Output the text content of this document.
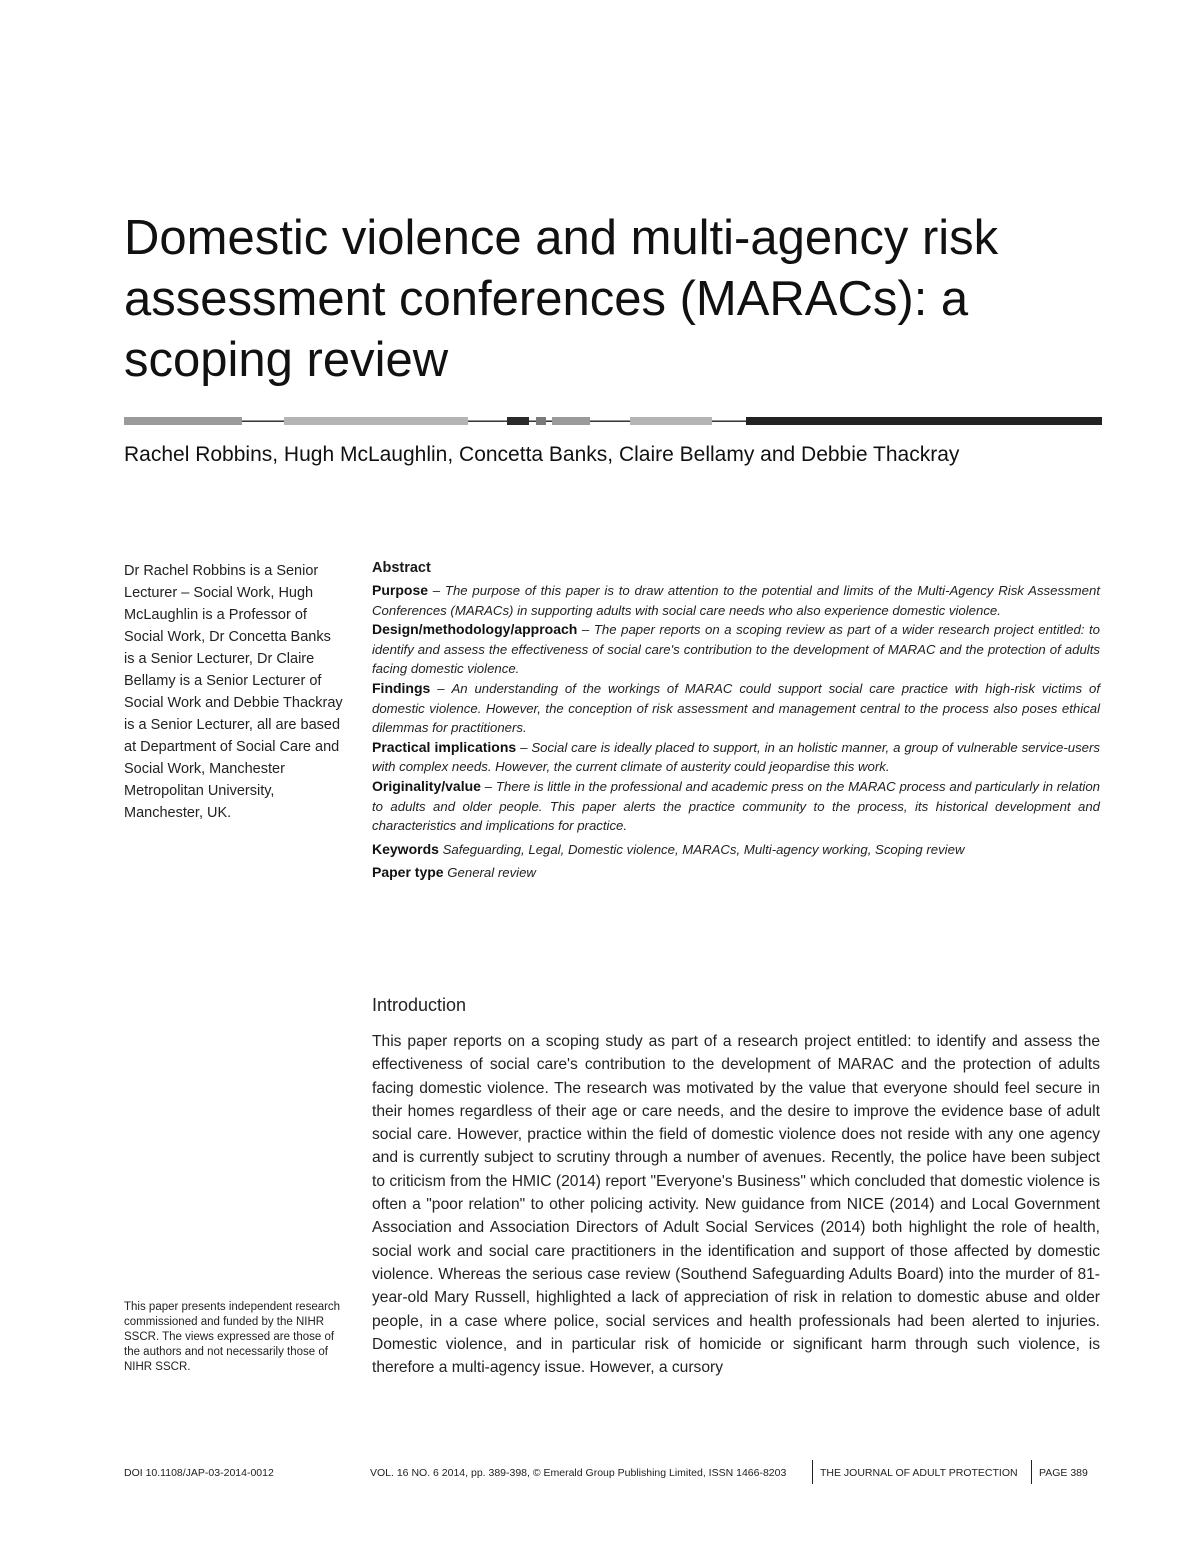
Domestic violence and multi-agency risk assessment conferences (MARACs): a scoping review

Rachel Robbins, Hugh McLaughlin, Concetta Banks, Claire Bellamy and Debbie Thackray

Dr Rachel Robbins is a Senior Lecturer – Social Work, Hugh McLaughlin is a Professor of Social Work, Dr Concetta Banks is a Senior Lecturer, Dr Claire Bellamy is a Senior Lecturer of Social Work and Debbie Thackray is a Senior Lecturer, all are based at Department of Social Care and Social Work, Manchester Metropolitan University, Manchester, UK.

Abstract

Purpose – The purpose of this paper is to draw attention to the potential and limits of the Multi-Agency Risk Assessment Conferences (MARACs) in supporting adults with social care needs who also experience domestic violence.

Design/methodology/approach – The paper reports on a scoping review as part of a wider research project entitled: to identify and assess the effectiveness of social care's contribution to the development of MARAC and the protection of adults facing domestic violence.

Findings – An understanding of the workings of MARAC could support social care practice with high-risk victims of domestic violence. However, the conception of risk assessment and management central to the process also poses ethical dilemmas for practitioners.

Practical implications – Social care is ideally placed to support, in an holistic manner, a group of vulnerable service-users with complex needs. However, the current climate of austerity could jeopardise this work.

Originality/value – There is little in the professional and academic press on the MARAC process and particularly in relation to adults and older people. This paper alerts the practice community to the process, its historical development and characteristics and implications for practice.

Keywords Safeguarding, Legal, Domestic violence, MARACs, Multi-agency working, Scoping review

Paper type General review

Introduction

This paper reports on a scoping study as part of a research project entitled: to identify and assess the effectiveness of social care's contribution to the development of MARAC and the protection of adults facing domestic violence. The research was motivated by the value that everyone should feel secure in their homes regardless of their age or care needs, and the desire to improve the evidence base of adult social care. However, practice within the field of domestic violence does not reside with any one agency and is currently subject to scrutiny through a number of avenues. Recently, the police have been subject to criticism from the HMIC (2014) report "Everyone's Business" which concluded that domestic violence is often a "poor relation" to other policing activity. New guidance from NICE (2014) and Local Government Association and Association Directors of Adult Social Services (2014) both highlight the role of health, social work and social care practitioners in the identification and support of those affected by domestic violence. Whereas the serious case review (Southend Safeguarding Adults Board) into the murder of 81-year-old Mary Russell, highlighted a lack of appreciation of risk in relation to domestic abuse and older people, in a case where police, social services and health professionals had been alerted to injuries. Domestic violence, and in particular risk of homicide or significant harm through such violence, is therefore a multi-agency issue. However, a cursory

This paper presents independent research commissioned and funded by the NIHR SSCR. The views expressed are those of the authors and not necessarily those of NIHR SSCR.

DOI 10.1108/JAP-03-2014-0012	VOL. 16 NO. 6 2014, pp. 389-398, © Emerald Group Publishing Limited, ISSN 1466-8203	THE JOURNAL OF ADULT PROTECTION PAGE 389
